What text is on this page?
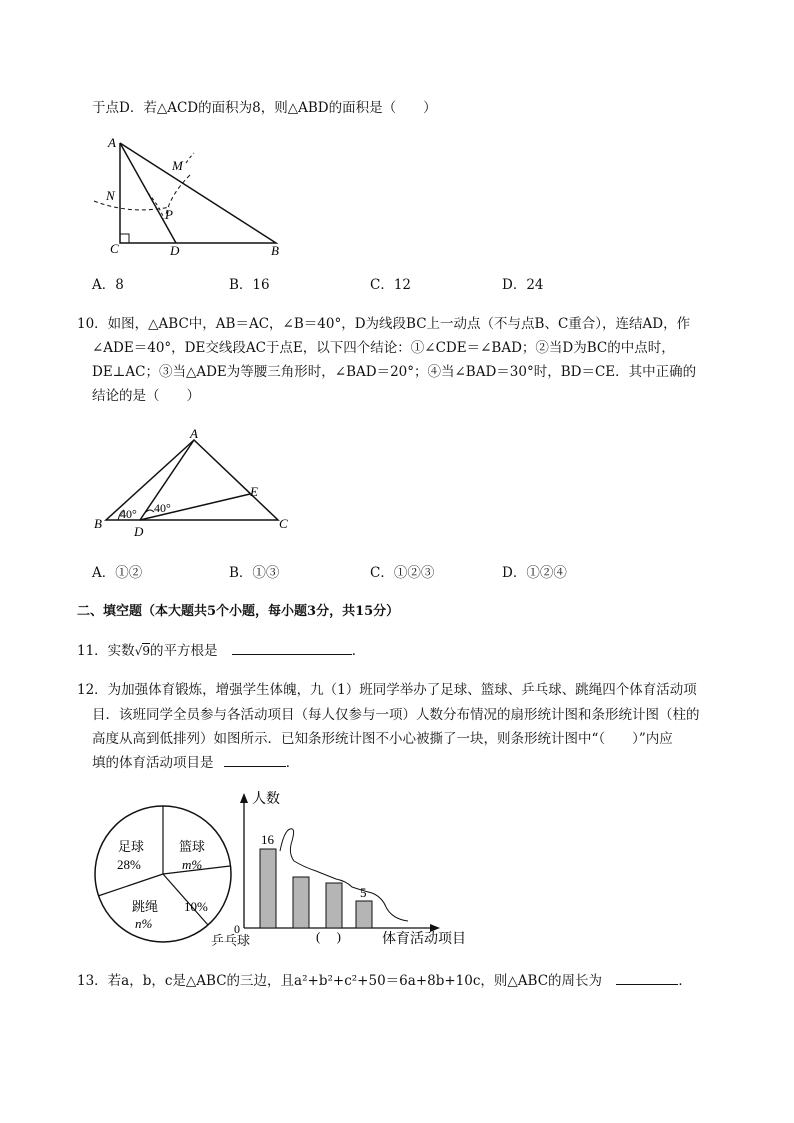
于点D．若△ACD的面积为8，则△ABD的面积是（　　）
A
M
N
P
C	D	B
A．8	B．16	C．12	D．24
10．如图，△ABC中，AB＝AC，∠B＝40°，D为线段BC上一动点（不与点B、C重合），连结AD，作
∠ADE＝40°，DE交线段AC于点E，以下四个结论：①∠CDE＝∠BAD；②当D为BC的中点时，
DE⊥AC；③当△ADE为等腰三角形时，∠BAD＝20°；④当∠BAD＝30°时，BD＝CE．其中正确的
结论的是（　　）
A
B	C
D
E
40° 40°
A．①②	B．①③	C．①②③	D．①②④
二、填空题（本大题共5个小题，每小题3分，共15分）
11．实数√9的平方根是	．
12．为加强体育锻炼，增强学生体魄，九（1）班同学举办了足球、篮球、乒乓球、跳绳四个体育活动项
目．该班同学全员参与各活动项目（每人仅参与一项）人数分布情况的扇形统计图和条形统计图（柱的
高度从高到低排列）如图所示．已知条形统计图不小心被撕了一块，则条形统计图中“（　　）”内应
填的体育活动项目是	．
足球
28%
篮球
m%
10%
跳绳
n%
乒乓球
人数
0
16
5
(　 )	体育活动项目
13．若a，b，c是△ABC的三边，且a²+b²+c²+50＝6a+8b+10c，则△ABC的周长为	．
